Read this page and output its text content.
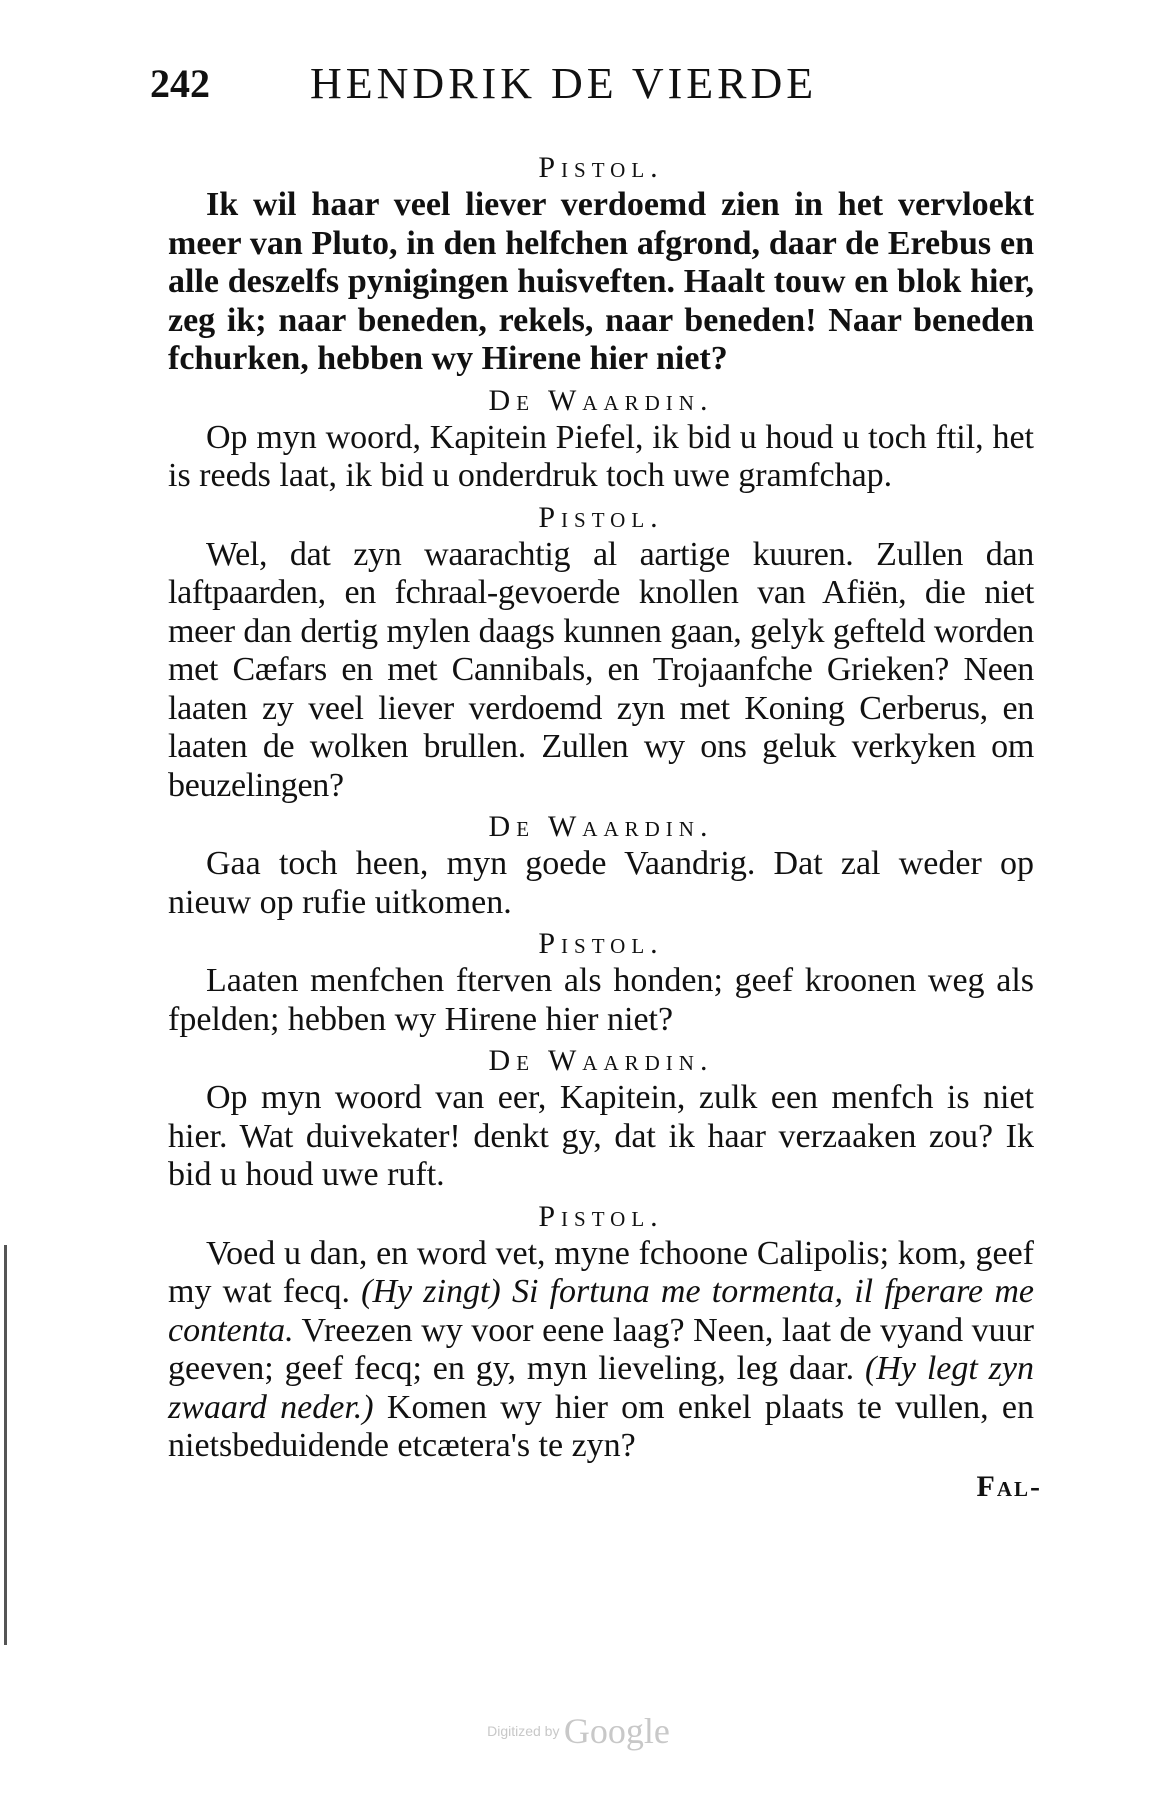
242 HENDRIK DE VIERDE
Pistol.

Ik wil haar veel liever verdoemd zien in het vervloekt meer van Pluto, in den helfchen afgrond, daar de Erebus en alle deszelfs pynigingen huisveften. Haalt touw en blok hier, zeg ik; naar beneden, rekels, naar beneden! Naar beneden fchurken, hebben wy Hirene hier niet?

De Waardin.

Op myn woord, Kapitein Piefel, ik bid u houd u toch ftil, het is reeds laat, ik bid u onderdruk toch uwe gramfchap.

Pistol.

Wel, dat zyn waarachtig al aartige kuuren. Zullen dan laftpaarden, en fchraal-gevoerde knollen van Afiën, die niet meer dan dertig mylen daags kunnen gaan, gelyk gefteld worden met Cæfars en met Cannibals, en Trojaanfche Grieken? Neen laaten zy veel liever verdoemd zyn met Koning Cerberus, en laaten de wolken brullen. Zullen wy ons geluk verkyken om beuzelingen?

De Waardin.

Gaa toch heen, myn goede Vaandrig. Dat zal weder op nieuw op rufie uitkomen.

Pistol.

Laaten menfchen fterven als honden; geef kroonen weg als fpelden; hebben wy Hirene hier niet?

De Waardin.

Op myn woord van eer, Kapitein, zulk een menfch is niet hier. Wat duivekater! denkt gy, dat ik haar verzaaken zou? Ik bid u houd uwe ruft.

Pistol.

Voed u dan, en word vet, myne fchoone Calipolis; kom, geef my wat fecq. (Hy zingt) Si fortuna me tormenta, il fperare me contenta. Vreezen wy voor eene laag? Neen, laat de vyand vuur geeven; geef fecq; en gy, myn lieveling, leg daar. (Hy legt zyn zwaard neder.) Komen wy hier om enkel plaats te vullen, en nietsbeduidende etcætera's te zyn?

Fal-
Digitized by Google
